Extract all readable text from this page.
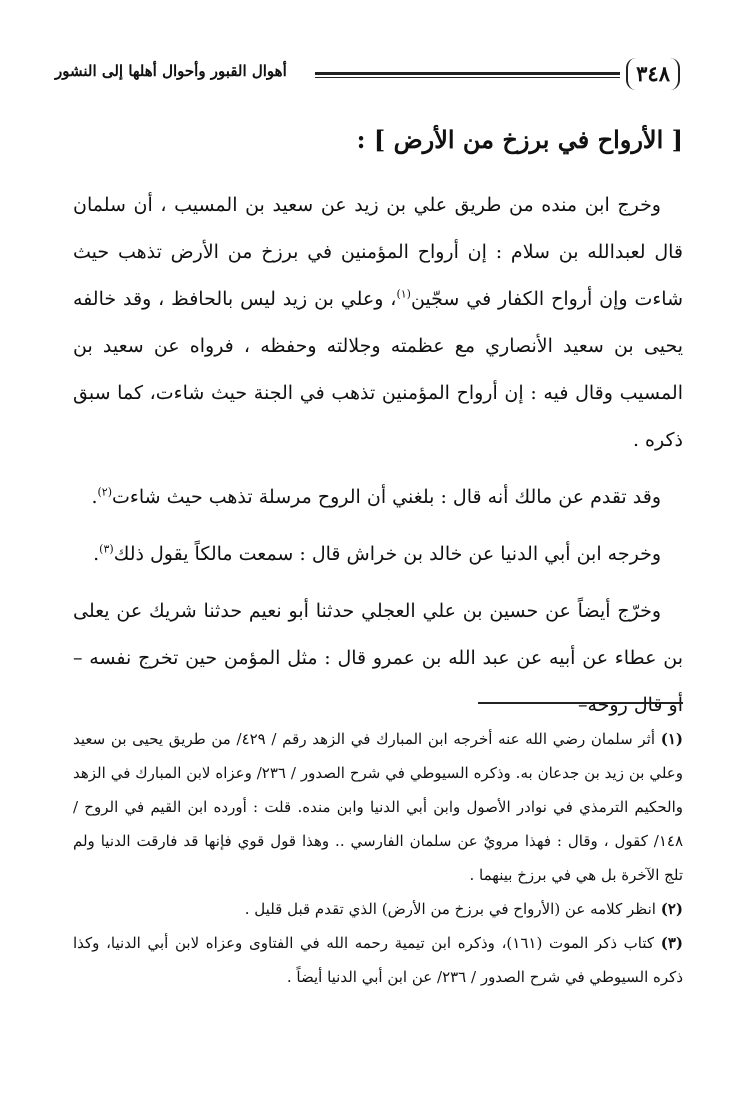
٣٤٨
أهوال القبور وأحوال أهلها إلى النشور
[ الأرواح في برزخ من الأرض ] :

وخرج ابن منده من طريق علي بن زيد عن سعيد بن المسيب ، أن سلمان قال لعبدالله بن سلام : إن أرواح المؤمنين في برزخ من الأرض تذهب حيث شاءت وإن أرواح الكفار في سجّين$^{(١)}$، وعلي بن زيد ليس بالحافظ ، وقد خالفه يحيى بن سعيد الأنصاري مع عظمته وجلالته وحفظه ، فرواه عن سعيد بن المسيب وقال فيه : إن أرواح المؤمنين تذهب في الجنة حيث شاءت، كما سبق ذكره .

وقد تقدم عن مالك أنه قال : بلغني أن الروح مرسلة تذهب حيث شاءت$^{(٢)}$.

وخرجه ابن أبي الدنيا عن خالد بن خراش قال : سمعت مالكاً يقول ذلك$^{(٣)}$.

وخرّج أيضاً عن حسين بن علي العجلي حدثنا أبو نعيم حدثنا شريك عن يعلى بن عطاء عن أبيه عن عبد الله بن عمرو قال : مثل المؤمن حين تخرج نفسه – أو قال روحه–

(١) أثر سلمان رضي الله عنه أخرجه ابن المبارك في الزهد رقم / ٤٢٩/ من طريق يحيى بن سعيد وعلي بن زيد بن جدعان به. وذكره السيوطي في شرح الصدور / ٢٣٦/ وعزاه لابن المبارك في الزهد والحكيم الترمذي في نوادر الأصول وابن أبي الدنيا وابن منده. قلت : أورده ابن القيم في الروح / ١٤٨/ كقول ، وقال : فهذا مرويٌ عن سلمان الفارسي .. وهذا قول قوي فإنها قد فارقت الدنيا ولم تلج الآخرة بل هي في برزخ بينهما .

(٢) انظر كلامه عن (الأرواح في برزخ من الأرض) الذي تقدم قبل قليل .

(٣) كتاب ذكر الموت (١٦١)، وذكره ابن تيمية رحمه الله في الفتاوى وعزاه لابن أبي الدنيا، وكذا ذكره السيوطي في شرح الصدور / ٢٣٦/ عن ابن أبي الدنيا أيضاً .
